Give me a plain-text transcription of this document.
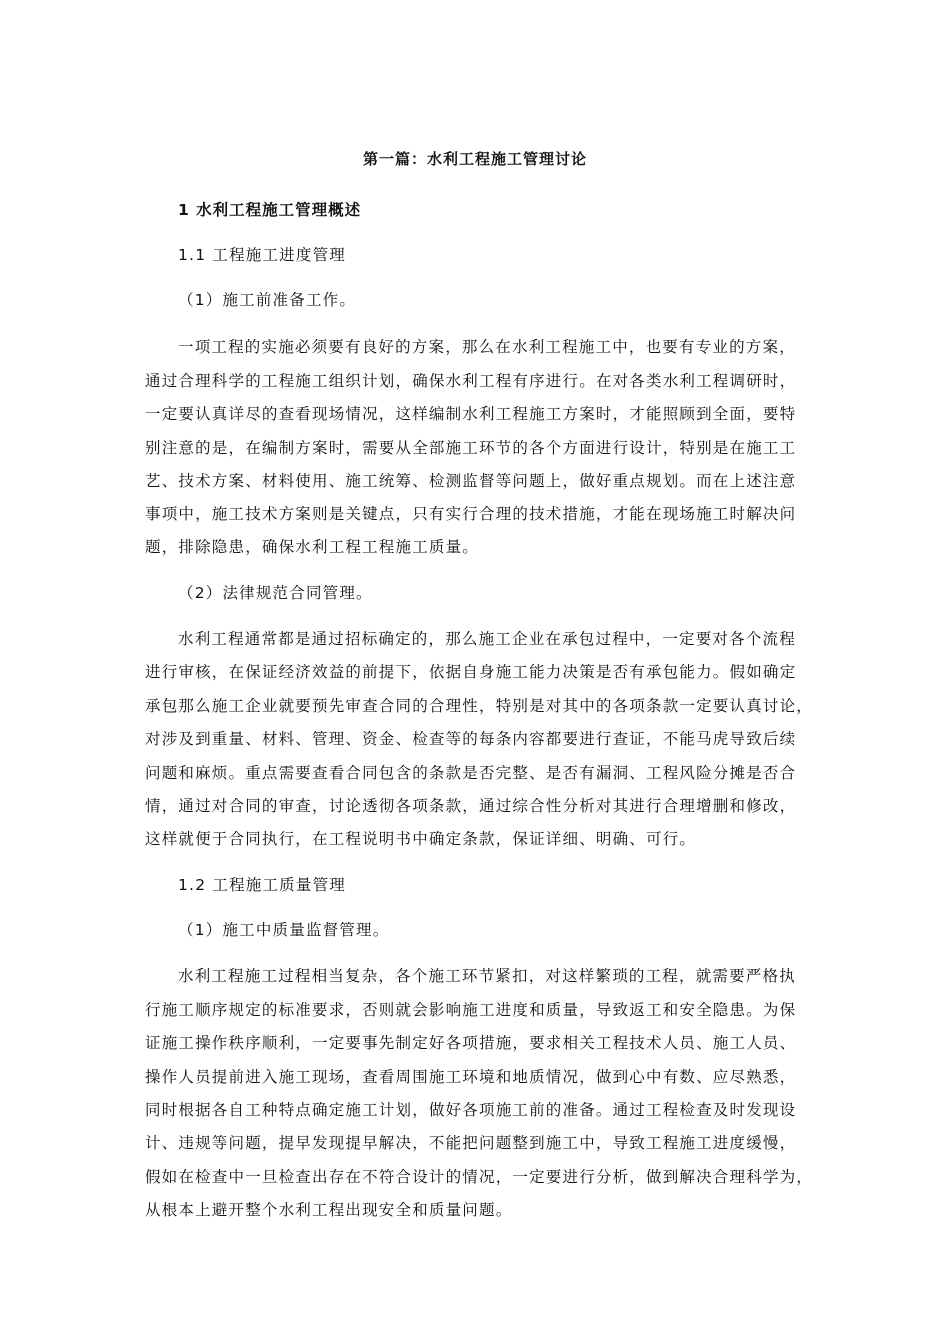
第一篇：水利工程施工管理讨论
1 水利工程施工管理概述
1.1 工程施工进度管理
（1）施工前准备工作。
一项工程的实施必须要有良好的方案，那么在水利工程施工中，也要有专业的方案，
通过合理科学的工程施工组织计划，确保水利工程有序进行。在对各类水利工程调研时，
一定要认真详尽的查看现场情况，这样编制水利工程施工方案时，才能照顾到全面，要特
别注意的是，在编制方案时，需要从全部施工环节的各个方面进行设计，特别是在施工工
艺、技术方案、材料使用、施工统筹、检测监督等问题上，做好重点规划。而在上述注意
事项中，施工技术方案则是关键点，只有实行合理的技术措施，才能在现场施工时解决问
题，排除隐患，确保水利工程工程施工质量。
（2）法律规范合同管理。
水利工程通常都是通过招标确定的，那么施工企业在承包过程中，一定要对各个流程
进行审核，在保证经济效益的前提下，依据自身施工能力决策是否有承包能力。假如确定
承包那么施工企业就要预先审查合同的合理性，特别是对其中的各项条款一定要认真讨论，
对涉及到重量、材料、管理、资金、检查等的每条内容都要进行查证，不能马虎导致后续
问题和麻烦。重点需要查看合同包含的条款是否完整、是否有漏洞、工程风险分摊是否合
情，通过对合同的审查，讨论透彻各项条款，通过综合性分析对其进行合理增删和修改，
这样就便于合同执行，在工程说明书中确定条款，保证详细、明确、可行。
1.2 工程施工质量管理
（1）施工中质量监督管理。
水利工程施工过程相当复杂，各个施工环节紧扣，对这样繁琐的工程，就需要严格执
行施工顺序规定的标准要求，否则就会影响施工进度和质量，导致返工和安全隐患。为保
证施工操作秩序顺利，一定要事先制定好各项措施，要求相关工程技术人员、施工人员、
操作人员提前进入施工现场，查看周围施工环境和地质情况，做到心中有数、应尽熟悉，
同时根据各自工种特点确定施工计划，做好各项施工前的准备。通过工程检查及时发现设
计、违规等问题，提早发现提早解决，不能把问题整到施工中，导致工程施工进度缓慢，
假如在检查中一旦检查出存在不符合设计的情况，一定要进行分析，做到解决合理科学为，
从根本上避开整个水利工程出现安全和质量问题。
